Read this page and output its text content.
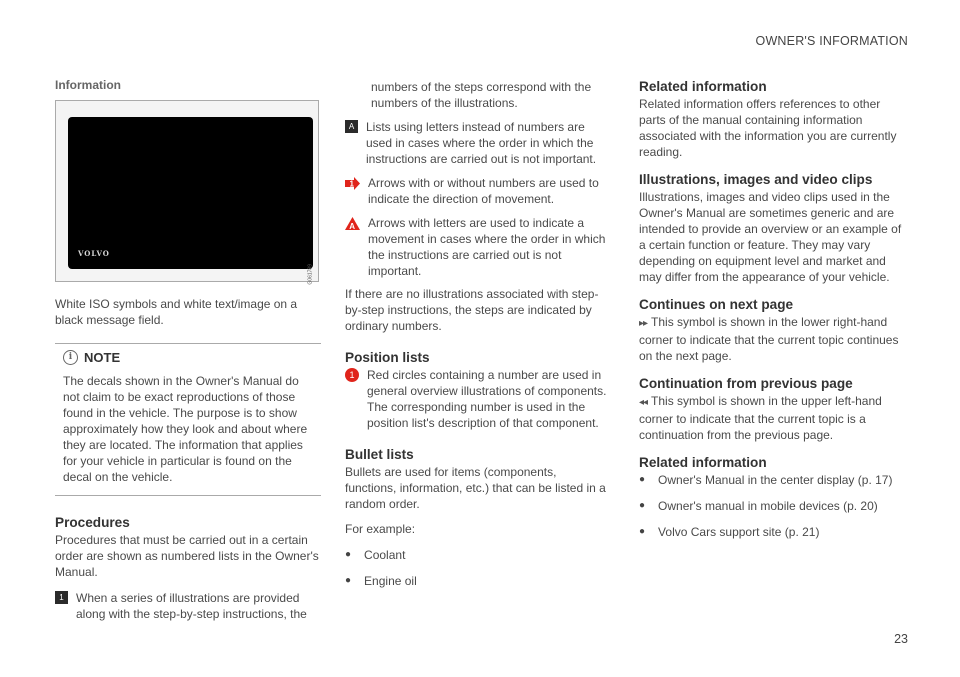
OWNER'S INFORMATION
Information
VOLVO
G061789

White ISO symbols and white text/image on a black message field.

i NOTE

The decals shown in the Owner's Manual do not claim to be exact reproductions of those found in the vehicle. The purpose is to show approximately how they look and about where they are located. The information that applies for your vehicle in particular is found on the decal on the vehicle.

Procedures

Procedures that must be carried out in a certain order are shown as numbered lists in the Owner's Manual.

1	When a series of illustrations are provided along with the step-by-step instructions, the

numbers of the steps correspond with the numbers of the illustrations.

A Lists using letters instead of numbers are used in cases where the order in which the instructions are carried out is not important.

1 Arrows with or without numbers are used to indicate the direction of movement.

A Arrows with letters are used to indicate a movement in cases where the order in which the instructions are carried out is not important.

If there are no illustrations associated with step-by-step instructions, the steps are indicated by ordinary numbers.

Position lists
1	Red circles containing a number are used in general overview illustrations of components. The corresponding number is used in the position list's description of that component.

Bullet lists

Bullets are used for items (components, functions, information, etc.) that can be listed in a random order.

For example:

● Coolant

● Engine oil

Related information

Related information offers references to other parts of the manual containing information associated with the information you are currently reading.

Illustrations, images and video clips

Illustrations, images and video clips used in the Owner's Manual are sometimes generic and are intended to provide an overview or an example of a certain function or feature. They may vary depending on equipment level and market and may differ from the appearance of your vehicle.

Continues on next page

▸▸ This symbol is shown in the lower right-hand corner to indicate that the current topic continues on the next page.

Continuation from previous page

◂◂ This symbol is shown in the upper left-hand corner to indicate that the current topic is a continuation from the previous page.

Related information
● Owner's Manual in the center display (p. 17)

● Owner's manual in mobile devices (p. 20)

● Volvo Cars support site (p. 21)

23
